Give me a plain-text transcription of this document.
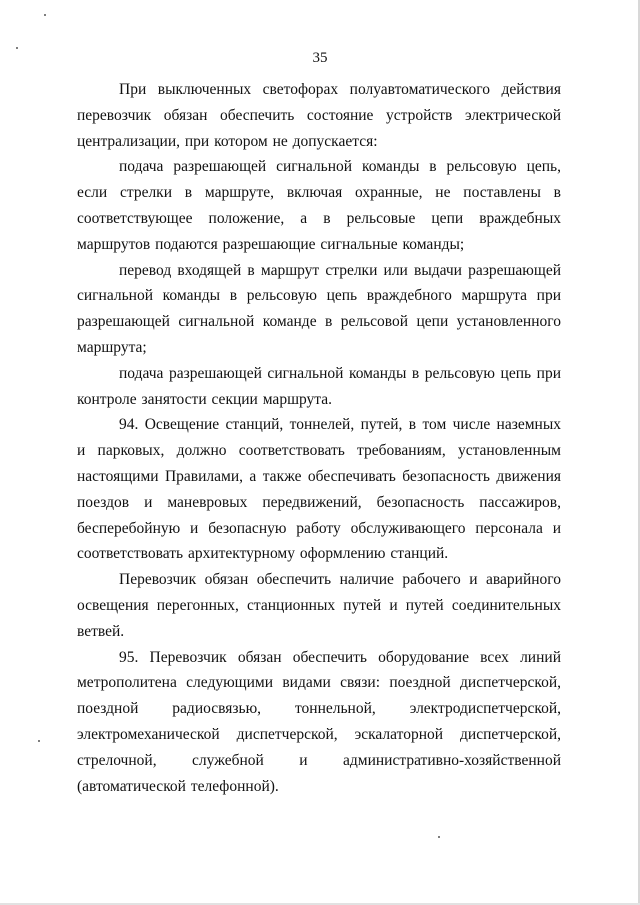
35

При выключенных светофорах полуавтоматического действия перевозчик обязан обеспечить состояние устройств электрической централизации, при котором не допускается:

подача разрешающей сигнальной команды в рельсовую цепь, если стрелки в маршруте, включая охранные, не поставлены в соответствующее положение, а в рельсовые цепи враждебных маршрутов подаются разрешающие сигнальные команды;

перевод входящей в маршрут стрелки или выдачи разрешающей сигнальной команды в рельсовую цепь враждебного маршрута при разрешающей сигнальной команде в рельсовой цепи установленного маршрута;

подача разрешающей сигнальной команды в рельсовую цепь при контроле занятости секции маршрута.

94. Освещение станций, тоннелей, путей, в том числе наземных и парковых, должно соответствовать требованиям, установленным настоящими Правилами, а также обеспечивать безопасность движения поездов и маневровых передвижений, безопасность пассажиров, бесперебойную и безопасную работу обслуживающего персонала и соответствовать архитектурному оформлению станций.

Перевозчик обязан обеспечить наличие рабочего и аварийного освещения перегонных, станционных путей и путей соединительных ветвей.

95. Перевозчик обязан обеспечить оборудование всех линий метрополитена следующими видами связи: поездной диспетчерской, поездной радиосвязью, тоннельной, электродиспетчерской, электромеханической диспетчерской, эскалаторной диспетчерской, стрелочной, служебной и административно-хозяйственной (автоматической телефонной).
